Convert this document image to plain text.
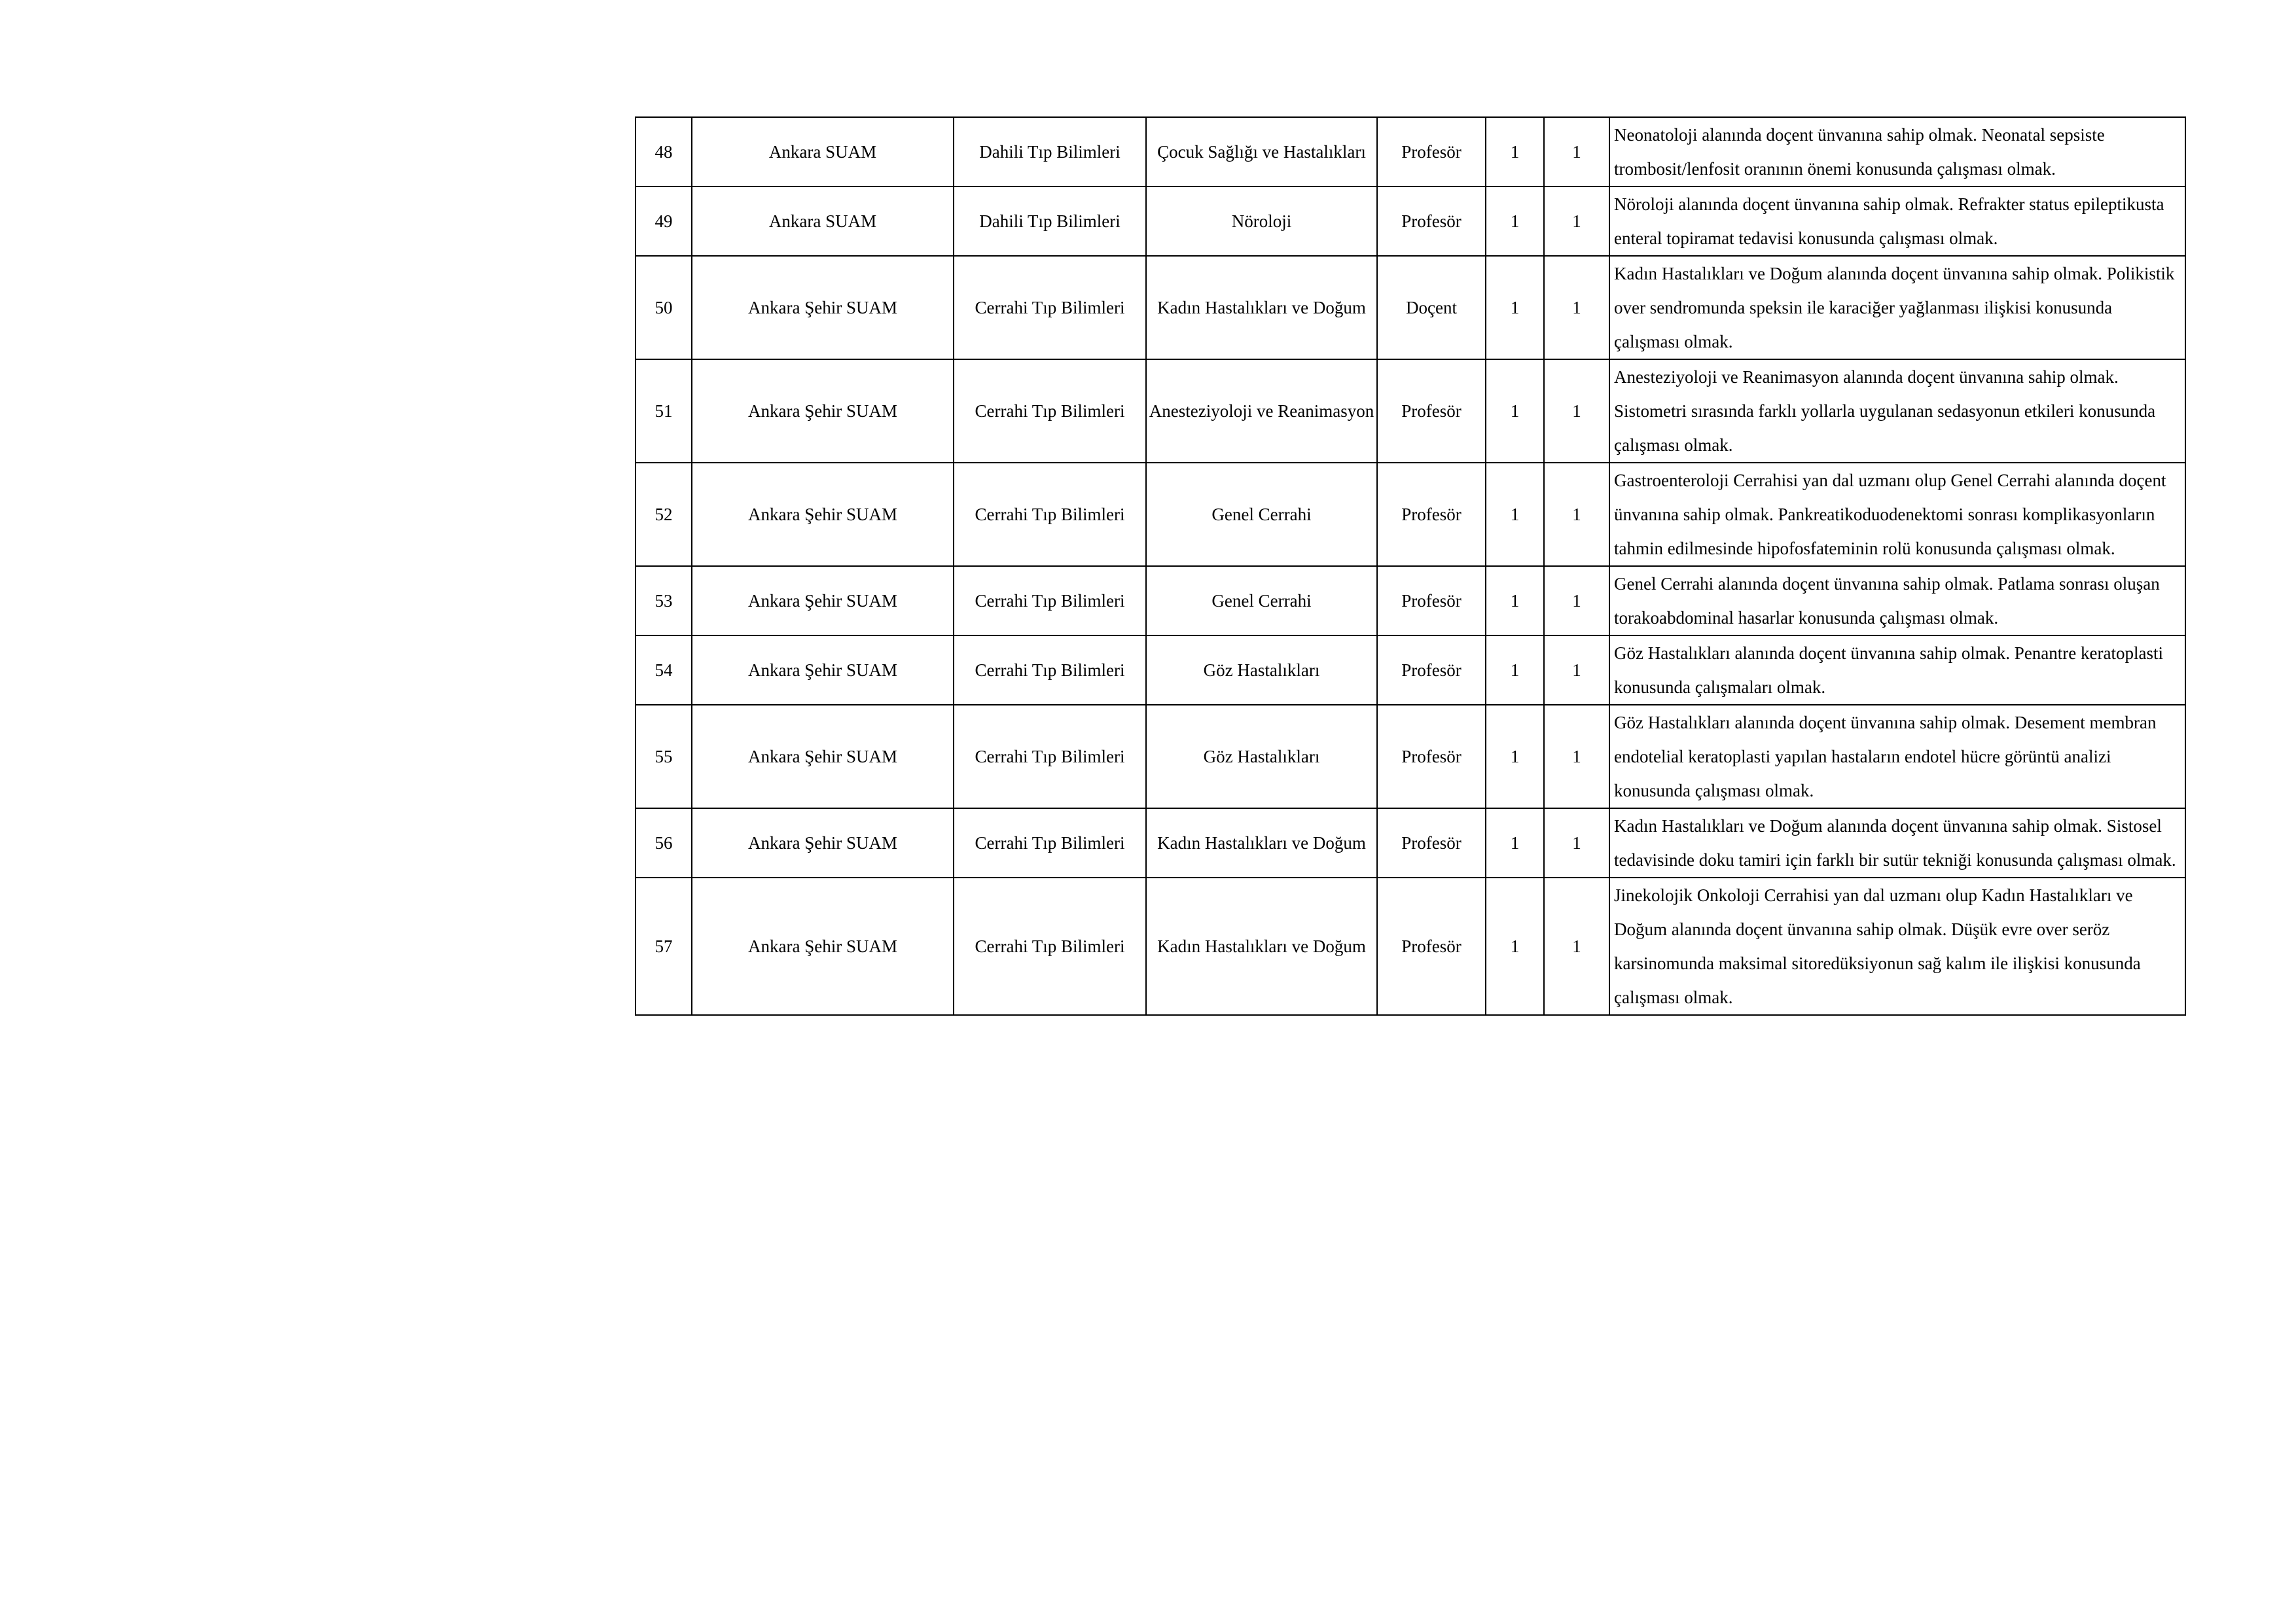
48	Ankara SUAM	Dahili Tıp Bilimleri	Çocuk Sağlığı ve Hastalıkları	Profesör	1	1	Neonatoloji alanında doçent ünvanına sahip olmak. Neonatal sepsiste trombosit/lenfosit oranının önemi konusunda çalışması olmak.
49	Ankara SUAM	Dahili Tıp Bilimleri	Nöroloji	Profesör	1	1	Nöroloji alanında doçent ünvanına sahip olmak. Refrakter status epileptikusta enteral topiramat tedavisi konusunda çalışması olmak.
50	Ankara Şehir SUAM	Cerrahi Tıp Bilimleri	Kadın Hastalıkları ve Doğum	Doçent	1	1	Kadın Hastalıkları ve Doğum alanında doçent ünvanına sahip olmak. Polikistik over sendromunda speksin ile karaciğer yağlanması ilişkisi konusunda çalışması olmak.
51	Ankara Şehir SUAM	Cerrahi Tıp Bilimleri	Anesteziyoloji ve Reanimasyon	Profesör	1	1	Anesteziyoloji ve Reanimasyon alanında doçent ünvanına sahip olmak. Sistometri sırasında farklı yollarla uygulanan sedasyonun etkileri konusunda çalışması olmak.
52	Ankara Şehir SUAM	Cerrahi Tıp Bilimleri	Genel Cerrahi	Profesör	1	1	Gastroenteroloji Cerrahisi yan dal uzmanı olup Genel Cerrahi alanında doçent ünvanına sahip olmak. Pankreatikoduodenektomi sonrası komplikasyonların tahmin edilmesinde hipofosfateminin rolü konusunda çalışması olmak.
53	Ankara Şehir SUAM	Cerrahi Tıp Bilimleri	Genel Cerrahi	Profesör	1	1	Genel Cerrahi alanında doçent ünvanına sahip olmak. Patlama sonrası oluşan torakoabdominal hasarlar konusunda çalışması olmak.
54	Ankara Şehir SUAM	Cerrahi Tıp Bilimleri	Göz Hastalıkları	Profesör	1	1	Göz Hastalıkları alanında doçent ünvanına sahip olmak. Penantre keratoplasti konusunda çalışmaları olmak.
55	Ankara Şehir SUAM	Cerrahi Tıp Bilimleri	Göz Hastalıkları	Profesör	1	1	Göz Hastalıkları alanında doçent ünvanına sahip olmak. Desement membran endotelial keratoplasti yapılan hastaların endotel hücre görüntü analizi konusunda çalışması olmak.
56	Ankara Şehir SUAM	Cerrahi Tıp Bilimleri	Kadın Hastalıkları ve Doğum	Profesör	1	1	Kadın Hastalıkları ve Doğum alanında doçent ünvanına sahip olmak. Sistosel tedavisinde doku tamiri için farklı bir sutür tekniği konusunda çalışması olmak.
57	Ankara Şehir SUAM	Cerrahi Tıp Bilimleri	Kadın Hastalıkları ve Doğum	Profesör	1	1	Jinekolojik Onkoloji Cerrahisi yan dal uzmanı olup Kadın Hastalıkları ve Doğum alanında doçent ünvanına sahip olmak. Düşük evre over seröz karsinomunda maksimal sitoredüksiyonun sağ kalım ile ilişkisi konusunda çalışması olmak.
